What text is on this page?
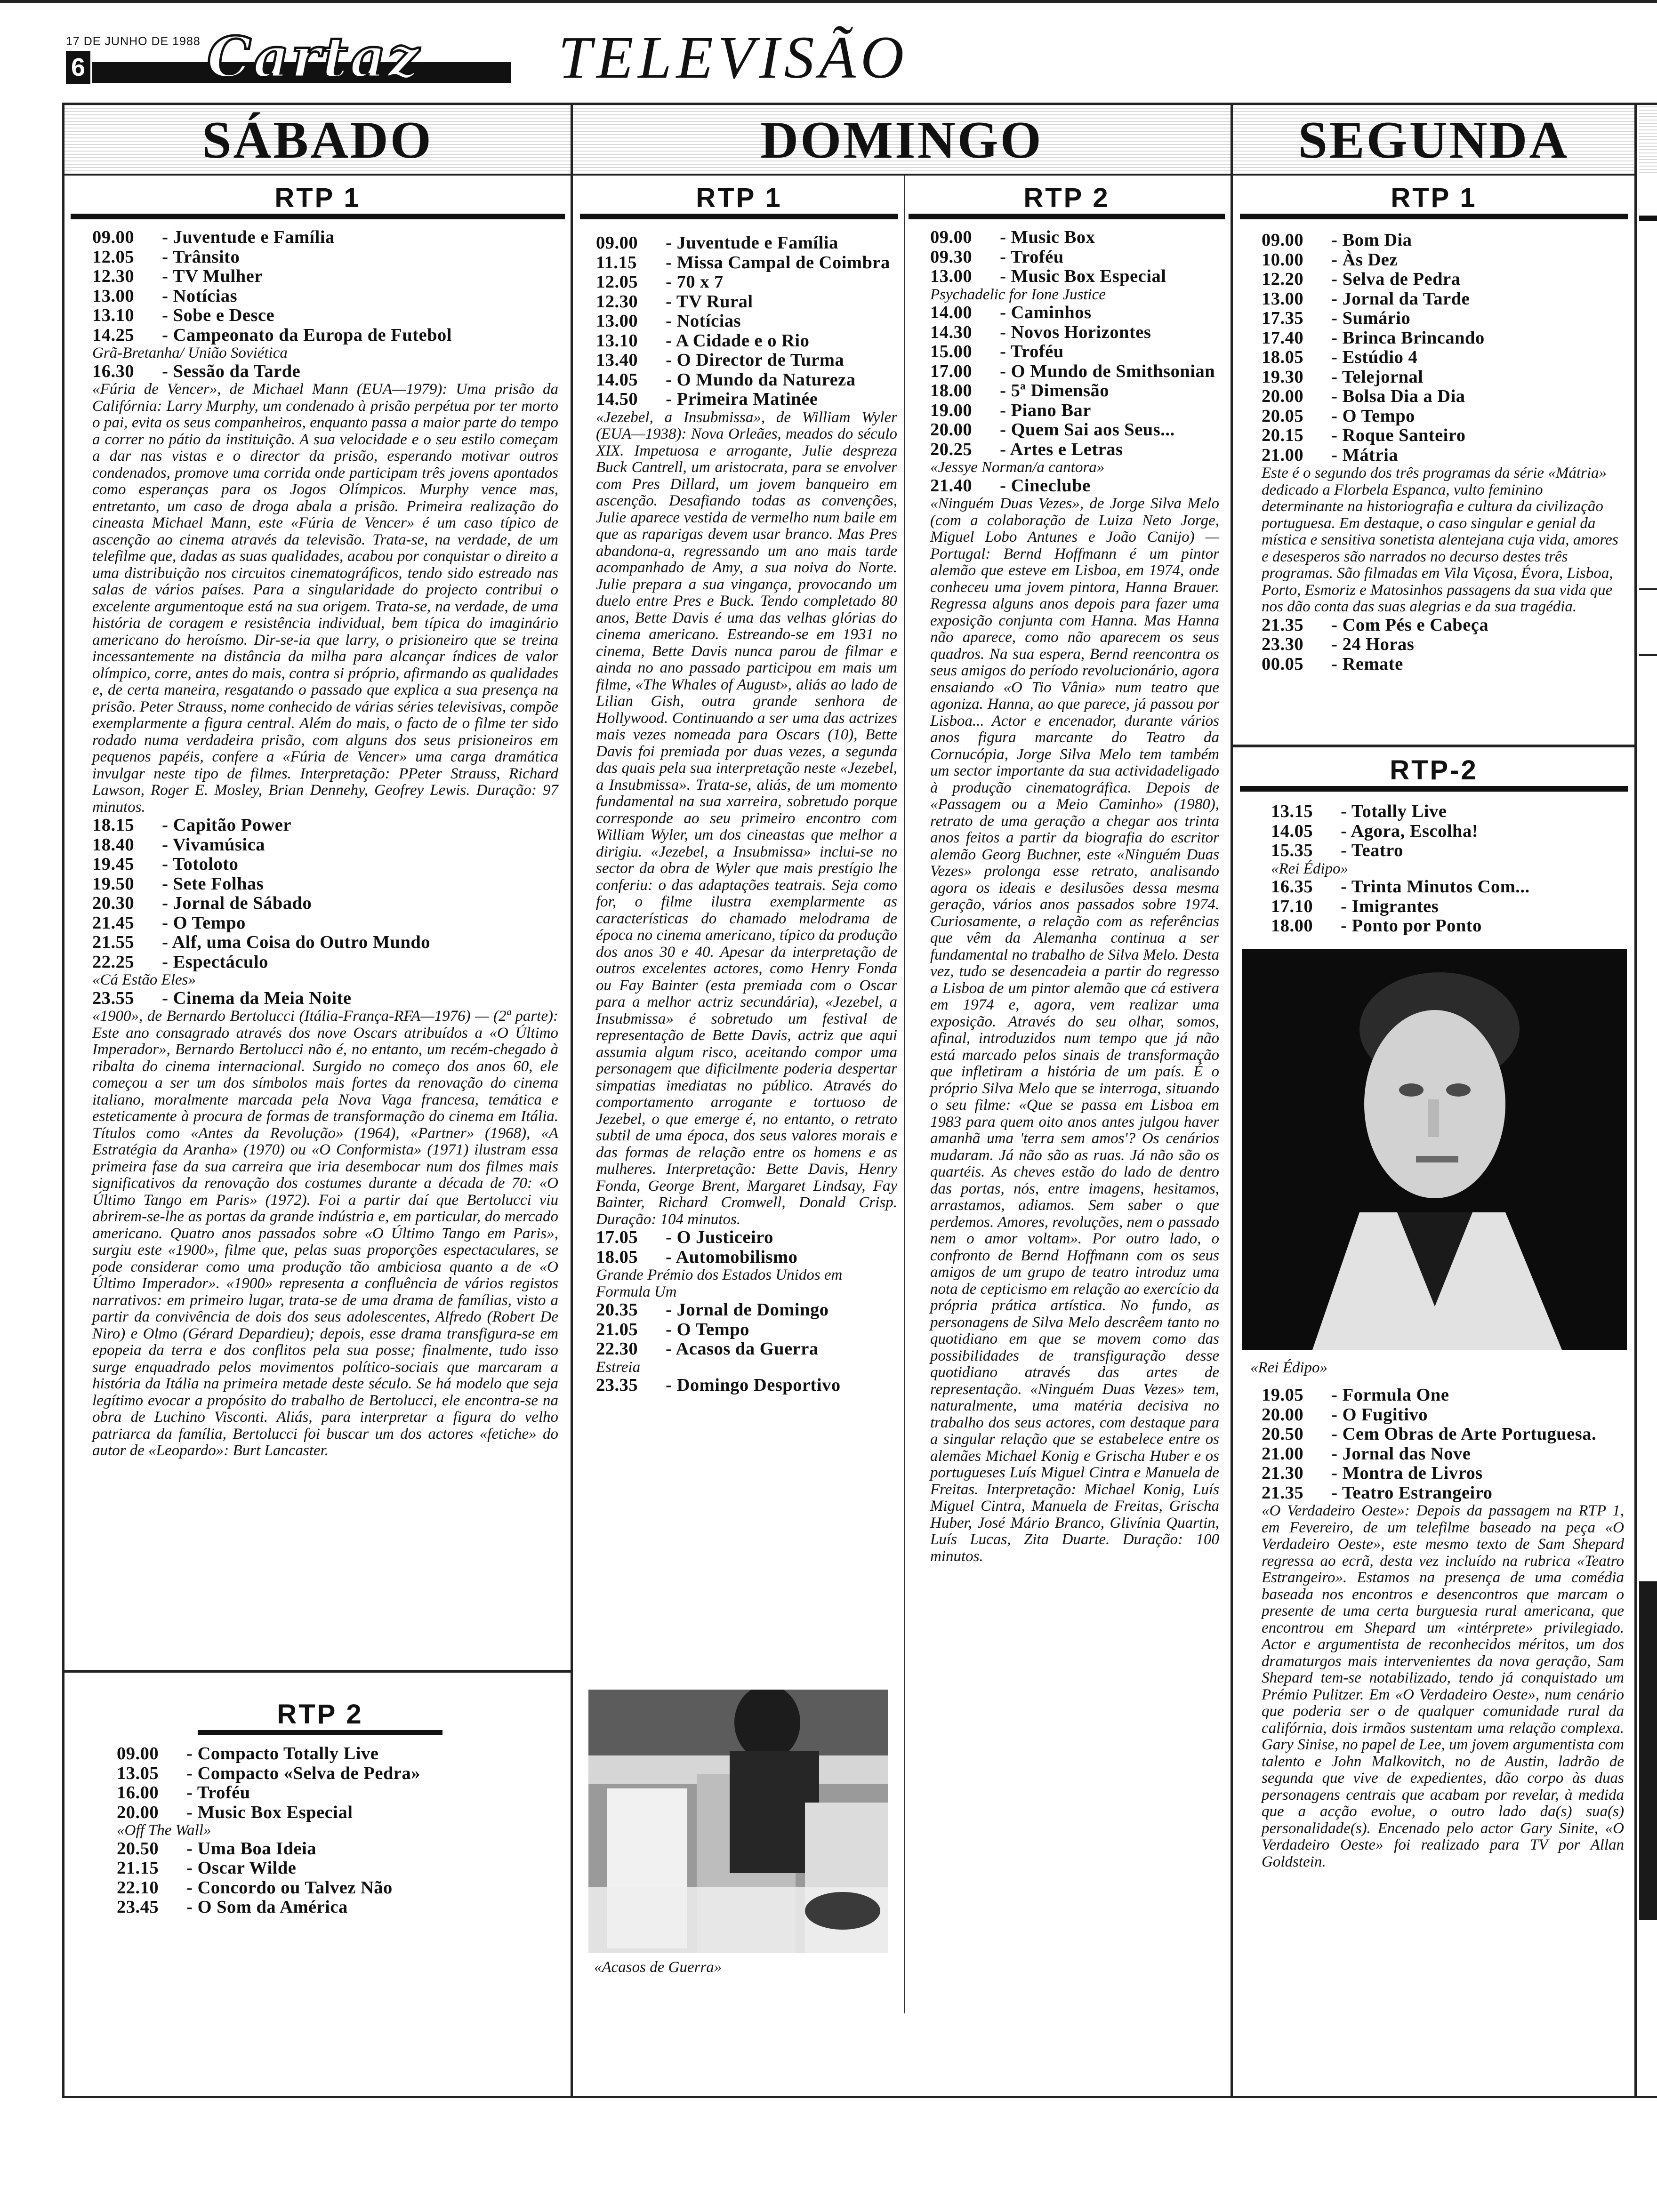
17 DE JUNHO DE 1988
6 Cartaz TELEVISÃO
SÁBADO	DOMINGO	SEGUNDA
RTP 1
09.00 - Juventude e Família
12.05 - Trânsito
12.30 - TV Mulher
13.00 - Notícias
13.10 - Sobe e Desce
14.25 - Campeonato da Europa de Futebol
Grã-Bretanha/ União Soviética
16.30 - Sessão da Tarde
«Fúria de Vencer», de Michael Mann (EUA—1979): Uma prisão da Califórnia: Larry Murphy, um condenado à prisão perpétua por ter morto o pai, evita os seus companheiros, enquanto passa a maior parte do tempo a correr no pátio da instituição. A sua velocidade e o seu estilo começam a dar nas vistas e o director da prisão, esperando motivar outros condenados, promove uma corrida onde participam três jovens apontados como esperanças para os Jogos Olímpicos. Murphy vence mas, entretanto, um caso de droga abala a prisão. Primeira realização do cineasta Michael Mann, este «Fúria de Vencer» é um caso típico de ascenção ao cinema através da televisão. Trata-se, na verdade, de um telefilme que, dadas as suas qualidades, acabou por conquistar o direito a uma distribuição nos circuitos cinematográficos, tendo sido estreado nas salas de vários países. Para a singularidade do projecto contribui o excelente argumentoque está na sua origem. Trata-se, na verdade, de uma história de coragem e resistência individual, bem típica do imaginário americano do heroísmo. Dir-se-ia que larry, o prisioneiro que se treina incessantemente na distância da milha para alcançar índices de valor olímpico, corre, antes do mais, contra si próprio, afirmando as qualidades e, de certa maneira, resgatando o passado que explica a sua presença na prisão. Peter Strauss, nome conhecido de várias séries televisivas, compõe exemplarmente a figura central. Além do mais, o facto de o filme ter sido rodado numa verdadeira prisão, com alguns dos seus prisioneiros em pequenos papéis, confere a «Fúria de Vencer» uma carga dramática invulgar neste tipo de filmes. Interpretação: PPeter Strauss, Richard Lawson, Roger E. Mosley, Brian Dennehy, Geofrey Lewis. Duração: 97 minutos.
18.15 - Capitão Power
18.40 - Vivamúsica
19.45 - Totoloto
19.50 - Sete Folhas
20.30 - Jornal de Sábado
21.45 - O Tempo
21.55 - Alf, uma Coisa do Outro Mundo
22.25 - Espectáculo
«Cá Estão Eles»
23.55 - Cinema da Meia Noite
«1900», de Bernardo Bertolucci (Itália-França-RFA—1976) — (2ª parte): Este ano consagrado através dos nove Oscars atribuídos a «O Último Imperador», Bernardo Bertolucci não é, no entanto, um recém-chegado à ribalta do cinema internacional. Surgido no começo dos anos 60, ele começou a ser um dos símbolos mais fortes da renovação do cinema italiano, moralmente marcada pela Nova Vaga francesa, temática e esteticamente à procura de formas de transformação do cinema em Itália. Títulos como «Antes da Revolução» (1964), «Partner» (1968), «A Estratégia da Aranha» (1970) ou «O Conformista» (1971) ilustram essa primeira fase da sua carreira que iria desembocar num dos filmes mais significativos da renovação dos costumes durante a década de 70: «O Último Tango em Paris» (1972). Foi a partir daí que Bertolucci viu abrirem-se-lhe as portas da grande indústria e, em particular, do mercado americano. Quatro anos passados sobre «O Último Tango em Paris», surgiu este «1900», filme que, pelas suas proporções espectaculares, se pode considerar como uma produção tão ambiciosa quanto a de «O Último Imperador». «1900» representa a confluência de vários registos narrativos: em primeiro lugar, trata-se de uma drama de famílias, visto a partir da convivência de dois dos seus adolescentes, Alfredo (Robert De Niro) e Olmo (Gérard Depardieu); depois, esse drama transfigura-se em epopeia da terra e dos conflitos pela sua posse; finalmente, tudo isso surge enquadrado pelos movimentos político-sociais que marcaram a história da Itália na primeira metade deste século. Se há modelo que seja legítimo evocar a propósito do trabalho de Bertolucci, ele encontra-se na obra de Luchino Visconti. Aliás, para interpretar a figura do velho patriarca da família, Bertolucci foi buscar um dos actores «fetiche» do autor de «Leopardo»: Burt Lancaster.
RTP 2
09.00 - Compacto Totally Live
13.05 - Compacto «Selva de Pedra»
16.00 - Troféu
20.00 - Music Box Especial
«Off The Wall»
20.50 - Uma Boa Ideia
21.15 - Oscar Wilde
22.10 - Concordo ou Talvez Não
23.45 - O Som da América
RTP 1
09.00 - Juventude e Família
11.15 - Missa Campal de Coimbra
12.05 - 70 x 7
12.30 - TV Rural
13.00 - Notícias
13.10 - A Cidade e o Rio
13.40 - O Director de Turma
14.05 - O Mundo da Natureza
14.50 - Primeira Matinée
«Jezebel, a Insubmissa», de William Wyler (EUA—1938): Nova Orleães, meados do século XIX. Impetuosa e arrogante, Julie despreza Buck Cantrell, um aristocrata, para se envolver com Pres Dillard, um jovem banqueiro em ascenção. Desafiando todas as convenções, Julie aparece vestida de vermelho num baile em que as raparigas devem usar branco. Mas Pres abandona-a, regressando um ano mais tarde acompanhado de Amy, a sua noiva do Norte. Julie prepara a sua vingança, provocando um duelo entre Pres e Buck. Tendo completado 80 anos, Bette Davis é uma das velhas glórias do cinema americano. Estreando-se em 1931 no cinema, Bette Davis nunca parou de filmar e ainda no ano passado participou em mais um filme, «The Whales of August», aliás ao lado de Lilian Gish, outra grande senhora de Hollywood. Continuando a ser uma das actrizes mais vezes nomeada para Oscars (10), Bette Davis foi premiada por duas vezes, a segunda das quais pela sua interpretação neste «Jezebel, a Insubmissa». Trata-se, aliás, de um momento fundamental na sua xarreira, sobretudo porque corresponde ao seu primeiro encontro com William Wyler, um dos cineastas que melhor a dirigiu. «Jezebel, a Insubmissa» inclui-se no sector da obra de Wyler que mais prestígio lhe conferiu: o das adaptações teatrais. Seja como for, o filme ilustra exemplarmente as características do chamado melodrama de época no cinema americano, típico da produção dos anos 30 e 40. Apesar da interpretação de outros excelentes actores, como Henry Fonda ou Fay Bainter (esta premiada com o Oscar para a melhor actriz secundária), «Jezebel, a Insubmissa» é sobretudo um festival de representação de Bette Davis, actriz que aqui assumia algum risco, aceitando compor uma personagem que dificilmente poderia despertar simpatias imediatas no público. Através do comportamento arrogante e tortuoso de Jezebel, o que emerge é, no entanto, o retrato subtil de uma época, dos seus valores morais e das formas de relação entre os homens e as mulheres. Interpretação: Bette Davis, Henry Fonda, George Brent, Margaret Lindsay, Fay Bainter, Richard Cromwell, Donald Crisp. Duração: 104 minutos.
17.05 - O Justiceiro
18.05 - Automobilismo
Grande Prémio dos Estados Unidos em Formula Um
20.35 - Jornal de Domingo
21.05 - O Tempo
22.30 - Acasos da Guerra
Estreia
23.35 - Domingo Desportivo
«Acasos de Guerra»
RTP 2
09.00 - Music Box
09.30 - Troféu
13.00 - Music Box Especial
Psychadelic for Ione Justice
14.00 - Caminhos
14.30 - Novos Horizontes
15.00 - Troféu
17.00 - O Mundo de Smithsonian
18.00 - 5ª Dimensão
19.00 - Piano Bar
20.00 - Quem Sai aos Seus...
20.25 - Artes e Letras
«Jessye Norman/a cantora»
21.40 - Cineclube
«Ninguém Duas Vezes», de Jorge Silva Melo (com a colaboração de Luiza Neto Jorge, Miguel Lobo Antunes e João Canijo) — Portugal: Bernd Hoffmann é um pintor alemão que esteve em Lisboa, em 1974, onde conheceu uma jovem pintora, Hanna Brauer. Regressa alguns anos depois para fazer uma exposição conjunta com Hanna. Mas Hanna não aparece, como não aparecem os seus quadros. Na sua espera, Bernd reencontra os seus amigos do período revolucionário, agora ensaiando «O Tio Vânia» num teatro que agoniza. Hanna, ao que parece, já passou por Lisboa... Actor e encenador, durante vários anos figura marcante do Teatro da Cornucópia, Jorge Silva Melo tem também um sector importante da sua actividadeligado à produção cinematográfica. Depois de «Passagem ou a Meio Caminho» (1980), retrato de uma geração a chegar aos trinta anos feitos a partir da biografia do escritor alemão Georg Buchner, este «Ninguém Duas Vezes» prolonga esse retrato, analisando agora os ideais e desilusões dessa mesma geração, vários anos passados sobre 1974. Curiosamente, a relação com as referências que vêm da Alemanha continua a ser fundamental no trabalho de Silva Melo. Desta vez, tudo se desencadeia a partir do regresso a Lisboa de um pintor alemão que cá estivera em 1974 e, agora, vem realizar uma exposição. Através do seu olhar, somos, afinal, introduzidos num tempo que já não está marcado pelos sinais de transformação que infletiram a história de um país. É o próprio Silva Melo que se interroga, situando o seu filme: «Que se passa em Lisboa em 1983 para quem oito anos antes julgou haver amanhã uma 'terra sem amos'? Os cenários mudaram. Já não são as ruas. Já não são os quartéis. As cheves estão do lado de dentro das portas, nós, entre imagens, hesitamos, arrastamos, adiamos. Sem saber o que perdemos. Amores, revoluções, nem o passado nem o amor voltam». Por outro lado, o confronto de Bernd Hoffmann com os seus amigos de um grupo de teatro introduz uma nota de cepticismo em relação ao exercício da própria prática artística. No fundo, as personagens de Silva Melo descrêem tanto no quotidiano em que se movem como das possibilidades de transfiguração desse quotidiano através das artes de representação. «Ninguém Duas Vezes» tem, naturalmente, uma matéria decisiva no trabalho dos seus actores, com destaque para a singular relação que se estabelece entre os alemães Michael Konig e Grischa Huber e os portugueses Luís Miguel Cintra e Manuela de Freitas. Interpretação: Michael Konig, Luís Miguel Cintra, Manuela de Freitas, Grischa Huber, José Mário Branco, Glivínia Quartin, Luís Lucas, Zita Duarte. Duração: 100 minutos.
RTP 1
09.00 - Bom Dia
10.00 - Às Dez
12.20 - Selva de Pedra
13.00 - Jornal da Tarde
17.35 - Sumário
17.40 - Brinca Brincando
18.05 - Estúdio 4
19.30 - Telejornal
20.00 - Bolsa Dia a Dia
20.05 - O Tempo
20.15 - Roque Santeiro
21.00 - Mátria
Este é o segundo dos três programas da série «Mátria» dedicado a Florbela Espanca, vulto feminino determinante na historiografia e cultura da civilização portuguesa. Em destaque, o caso singular e genial da mística e sensitiva sonetista alentejana cuja vida, amores e desesperos são narrados no decurso destes três programas. São filmadas em Vila Viçosa, Évora, Lisboa, Porto, Esmoriz e Matosinhos passagens da sua vida que nos dão conta das suas alegrias e da sua tragédia.
21.35 - Com Pés e Cabeça
23.30 - 24 Horas
00.05 - Remate
RTP-2
13.15 - Totally Live
14.05 - Agora, Escolha!
15.35 - Teatro
«Rei Édipo»
16.35 - Trinta Minutos Com...
17.10 - Imigrantes
18.00 - Ponto por Ponto
«Rei Édipo»
19.05 - Formula One
20.00 - O Fugitivo
20.50 - Cem Obras de Arte Portuguesa.
21.00 - Jornal das Nove
21.30 - Montra de Livros
21.35 - Teatro Estrangeiro
«O Verdadeiro Oeste»: Depois da passagem na RTP 1, em Fevereiro, de um telefilme baseado na peça «O Verdadeiro Oeste», este mesmo texto de Sam Shepard regressa ao ecrã, desta vez incluído na rubrica «Teatro Estrangeiro». Estamos na presença de uma comédia baseada nos encontros e desencontros que marcam o presente de uma certa burguesia rural americana, que encontrou em Shepard um «intérprete» privilegiado. Actor e argumentista de reconhecidos méritos, um dos dramaturgos mais intervenientes da nova geração, Sam Shepard tem-se notabilizado, tendo já conquistado um Prémio Pulitzer. Em «O Verdadeiro Oeste», num cenário que poderia ser o de qualquer comunidade rural da califórnia, dois irmãos sustentam uma relação complexa. Gary Sinise, no papel de Lee, um jovem argumentista com talento e John Malkovitch, no de Austin, ladrão de segunda que vive de expedientes, dão corpo às duas personagens centrais que acabam por revelar, à medida que a acção evolue, o outro lado da(s) sua(s) personalidade(s). Encenado pelo actor Gary Sinite, «O Verdadeiro Oeste» foi realizado para TV por Allan Goldstein.
